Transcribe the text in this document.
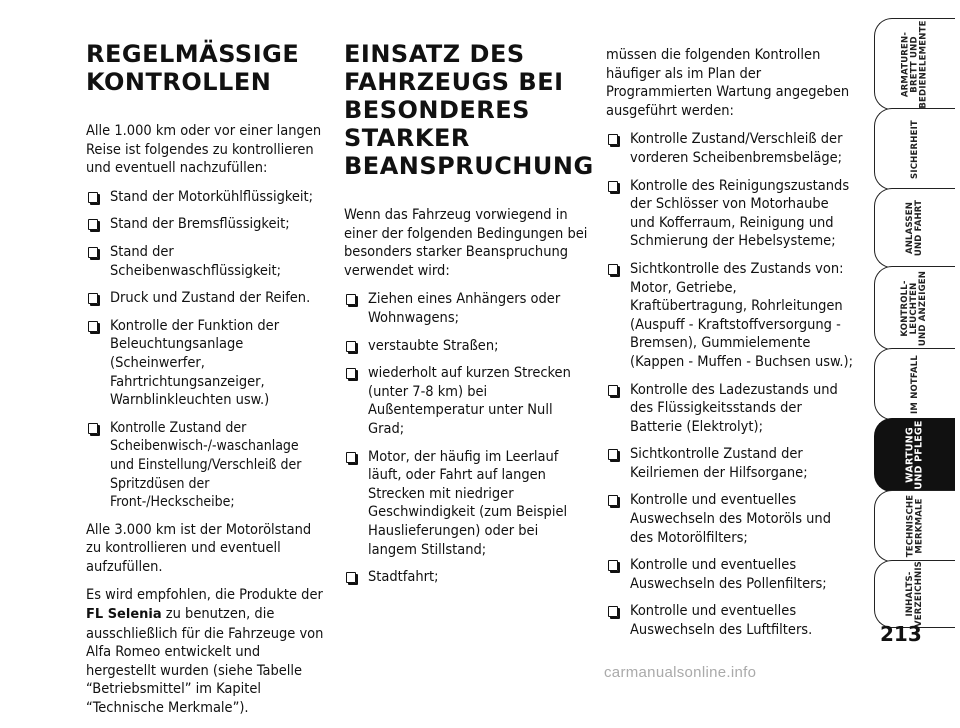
REGELMÄSSIGE
KONTROLLEN

Alle 1.000 km oder vor einer langen Reise ist folgendes zu kontrollieren und eventuell nachzufüllen:

Stand der Motorkühlflüssigkeit;
Stand der Bremsflüssigkeit;
Stand der Scheibenwaschflüssigkeit;
Druck und Zustand der Reifen.
Kontrolle der Funktion der Beleuchtungsanlage (Scheinwerfer, Fahrtrichtungsanzeiger, Warnblinkleuchten usw.)
Kontrolle Zustand der Scheibenwisch-/-waschanlage und Einstellung/Verschleiß der Spritzdüsen der Front-/Heckscheibe;

Alle 3.000 km ist der Motorölstand zu kontrollieren und eventuell aufzufüllen.

Es wird empfohlen, die Produkte der FL Selenia zu benutzen, die ausschließlich für die Fahrzeuge von Alfa Romeo entwickelt und hergestellt wurden (siehe Tabelle “Betriebsmittel” im Kapitel “Technische Merkmale”).

EINSATZ DES
FAHRZEUGS BEI
BESONDERES
STARKER
BEANSPRUCHUNG

Wenn das Fahrzeug vorwiegend in einer der folgenden Bedingungen bei besonders starker Beanspruchung verwendet wird:

Ziehen eines Anhängers oder Wohnwagens;
verstaubte Straßen;
wiederholt auf kurzen Strecken (unter 7-8 km) bei Außentemperatur unter Null Grad;
Motor, der häufig im Leerlauf läuft, oder Fahrt auf langen Strecken mit niedriger Geschwindigkeit (zum Beispiel Hauslieferungen) oder bei langem Stillstand;
Stadtfahrt;

müssen die folgenden Kontrollen häufiger als im Plan der Programmierten Wartung angegeben ausgeführt werden:

Kontrolle Zustand/Verschleiß der vorderen Scheibenbremsbeläge;
Kontrolle des Reinigungszustands der Schlösser von Motorhaube und Kofferraum, Reinigung und Schmierung der Hebelsysteme;
Sichtkontrolle des Zustands von: Motor, Getriebe, Kraftübertragung, Rohrleitungen (Auspuff - Kraftstoffversorgung - Bremsen), Gummielemente (Kappen - Muffen - Buchsen usw.);
Kontrolle des Ladezustands und des Flüssigkeitsstands der Batterie (Elektrolyt);
Sichtkontrolle Zustand der Keilriemen der Hilfsorgane;
Kontrolle und eventuelles Auswechseln des Motoröls und des Motorölfilters;
Kontrolle und eventuelles Auswechseln des Pollenfilters;
Kontrolle und eventuelles Auswechseln des Luftfilters.
ARMATUREN-
BRETT UND
BEDIENELEMENTE
SICHERHEIT
ANLASSEN
UND FAHRT
KONTROLL-
LEUCHTEN
UND ANZEIGEN
IM NOTFALL
WARTUNG
UND PFLEGE
TECHNISCHE
MERKMALE
INHALTS-
VERZEICHNIS
213
carmanualsonline.info
